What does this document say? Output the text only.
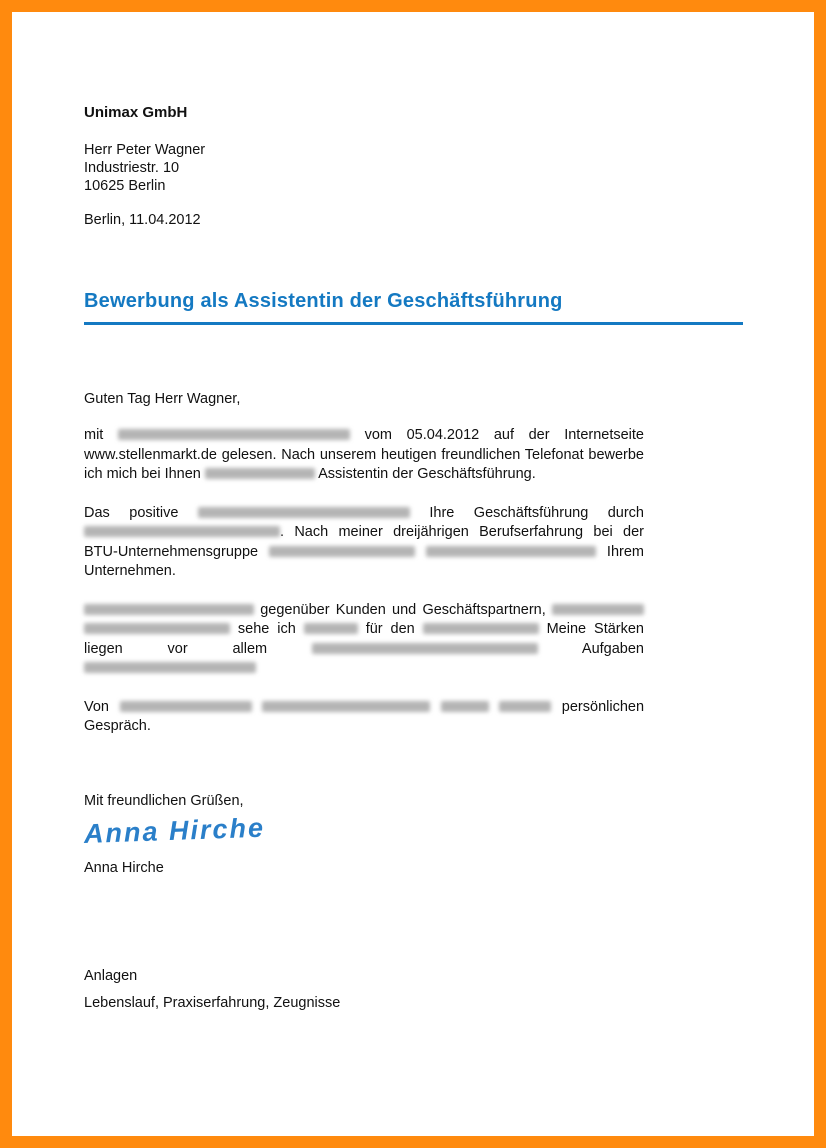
Unimax GmbH

Herr Peter Wagner

Industriestr. 10

10625 Berlin

Berlin, 11.04.2012

Bewerbung als Assistentin der Geschäftsführung

Guten Tag Herr Wagner,

mit	vom 05.04.2012 auf der Internetseite www.stellenmarkt.de gelesen. Nach unserem heutigen freundlichen Telefonat bewerbe ich mich bei Ihnen	Assistentin der Geschäftsführung.

Das positive	Ihre Geschäftsführung durch . Nach meiner dreijährigen Berufserfahrung bei der BTU-Unternehmensgruppe	Ihrem Unternehmen.

gegenüber Kunden und Geschäftspartnern,   sehe ich	für den	Meine Stärken liegen vor allem	Aufgaben

Von	persönlichen Gespräch.

Mit freundlichen Grüßen,

Anna Hirche

Anna Hirche

Anlagen

Lebenslauf, Praxiserfahrung, Zeugnisse
